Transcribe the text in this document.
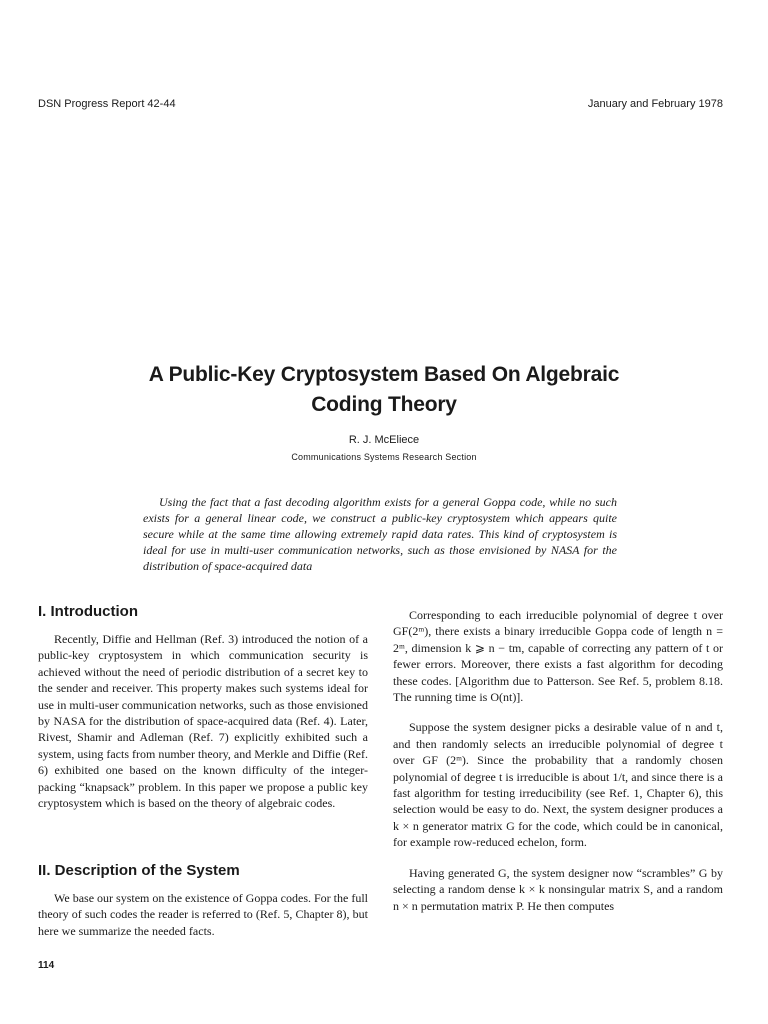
DSN Progress Report 42-44	January and February 1978
A Public-Key Cryptosystem Based On Algebraic
Coding Theory
R. J. McEliece
Communications Systems Research Section

Using the fact that a fast decoding algorithm exists for a general Goppa code, while no such exists for a general linear code, we construct a public-key cryptosystem which appears quite secure while at the same time allowing extremely rapid data rates. This kind of cryptosystem is ideal for use in multi-user communication networks, such as those envisioned by NASA for the distribution of space-acquired data

I. Introduction

Recently, Diffie and Hellman (Ref. 3) introduced the notion of a public-key cryptosystem in which communication security is achieved without the need of periodic distribution of a secret key to the sender and receiver. This property makes such systems ideal for use in multi-user communication networks, such as those envisioned by NASA for the distribution of space-acquired data (Ref. 4). Later, Rivest, Shamir and Adleman (Ref. 7) explicitly exhibited such a system, using facts from number theory, and Merkle and Diffie (Ref. 6) exhibited one based on the known difficulty of the integer-packing “knapsack” problem. In this paper we propose a public key cryptosystem which is based on the theory of algebraic codes.

II. Description of the System

We base our system on the existence of Goppa codes. For the full theory of such codes the reader is referred to (Ref. 5, Chapter 8), but here we summarize the needed facts.

Corresponding to each irreducible polynomial of degree t over GF(2ᵐ), there exists a binary irreducible Goppa code of length n = 2ᵐ, dimension k ⩾ n − tm, capable of correcting any pattern of t or fewer errors. Moreover, there exists a fast algorithm for decoding these codes. [Algorithm due to Patterson. See Ref. 5, problem 8.18. The running time is O(nt)].

Suppose the system designer picks a desirable value of n and t, and then randomly selects an irreducible polynomial of degree t over GF (2ᵐ). Since the probability that a randomly chosen polynomial of degree t is irreducible is about 1/t, and since there is a fast algorithm for testing irreducibility (see Ref. 1, Chapter 6), this selection would be easy to do. Next, the system designer produces a k × n generator matrix G for the code, which could be in canonical, for example row-reduced echelon, form.

Having generated G, the system designer now “scrambles” G by selecting a random dense k × k nonsingular matrix S, and a random n × n permutation matrix P. He then computes

114
